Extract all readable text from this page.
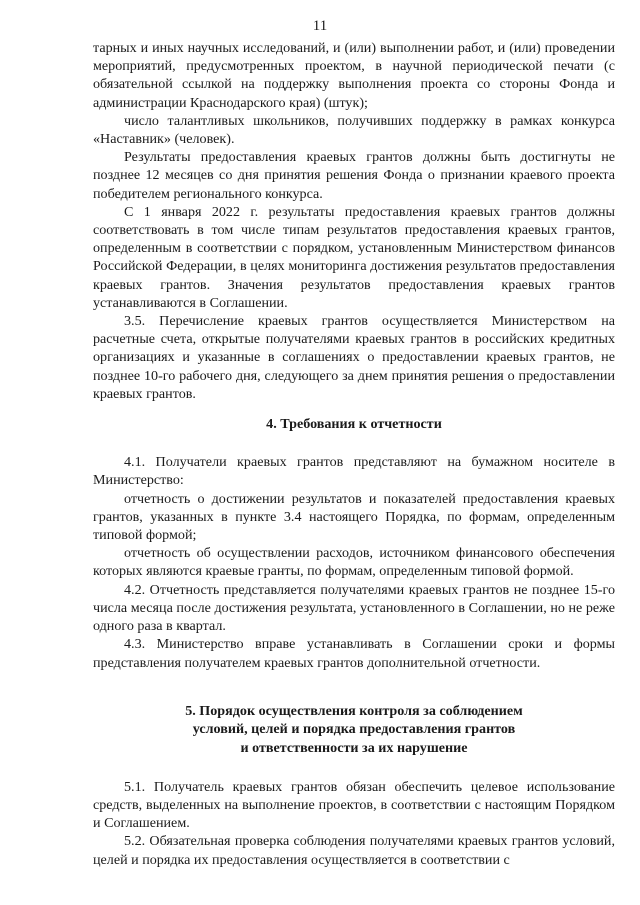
11

тарных и иных научных исследований, и (или) выполнении работ, и (или) проведении мероприятий, предусмотренных проектом, в научной периодической печати (с обязательной ссылкой на поддержку выполнения проекта со стороны Фонда и администрации Краснодарского края) (штук);

число талантливых школьников, получивших поддержку в рамках конкурса «Наставник» (человек).

Результаты предоставления краевых грантов должны быть достигнуты не позднее 12 месяцев со дня принятия решения Фонда о признании краевого проекта победителем регионального конкурса.

С 1 января 2022 г. результаты предоставления краевых грантов должны соответствовать в том числе типам результатов предоставления краевых грантов, определенным в соответствии с порядком, установленным Министерством финансов Российской Федерации, в целях мониторинга достижения результатов предоставления краевых грантов. Значения результатов предоставления краевых грантов устанавливаются в Соглашении.

3.5. Перечисление краевых грантов осуществляется Министерством на расчетные счета, открытые получателями краевых грантов в российских кредитных организациях и указанные в соглашениях о предоставлении краевых грантов, не позднее 10-го рабочего дня, следующего за днем принятия решения о предоставлении краевых грантов.

4. Требования к отчетности

4.1. Получатели краевых грантов представляют на бумажном носителе в Министерство:

отчетность о достижении результатов и показателей предоставления краевых грантов, указанных в пункте 3.4 настоящего Порядка, по формам, определенным типовой формой;

отчетность об осуществлении расходов, источником финансового обеспечения которых являются краевые гранты, по формам, определенным типовой формой.

4.2. Отчетность представляется получателями краевых грантов не позднее 15-го числа месяца после достижения результата, установленного в Соглашении, но не реже одного раза в квартал.

4.3. Министерство вправе устанавливать в Соглашении сроки и формы представления получателем краевых грантов дополнительной отчетности.

5. Порядок осуществления контроля за соблюдением
условий, целей и порядка предоставления грантов
и ответственности за их нарушение

5.1. Получатель краевых грантов обязан обеспечить целевое использование средств, выделенных на выполнение проектов, в соответствии с настоящим Порядком и Соглашением.

5.2. Обязательная проверка соблюдения получателями краевых грантов условий, целей и порядка их предоставления осуществляется в соответствии с
